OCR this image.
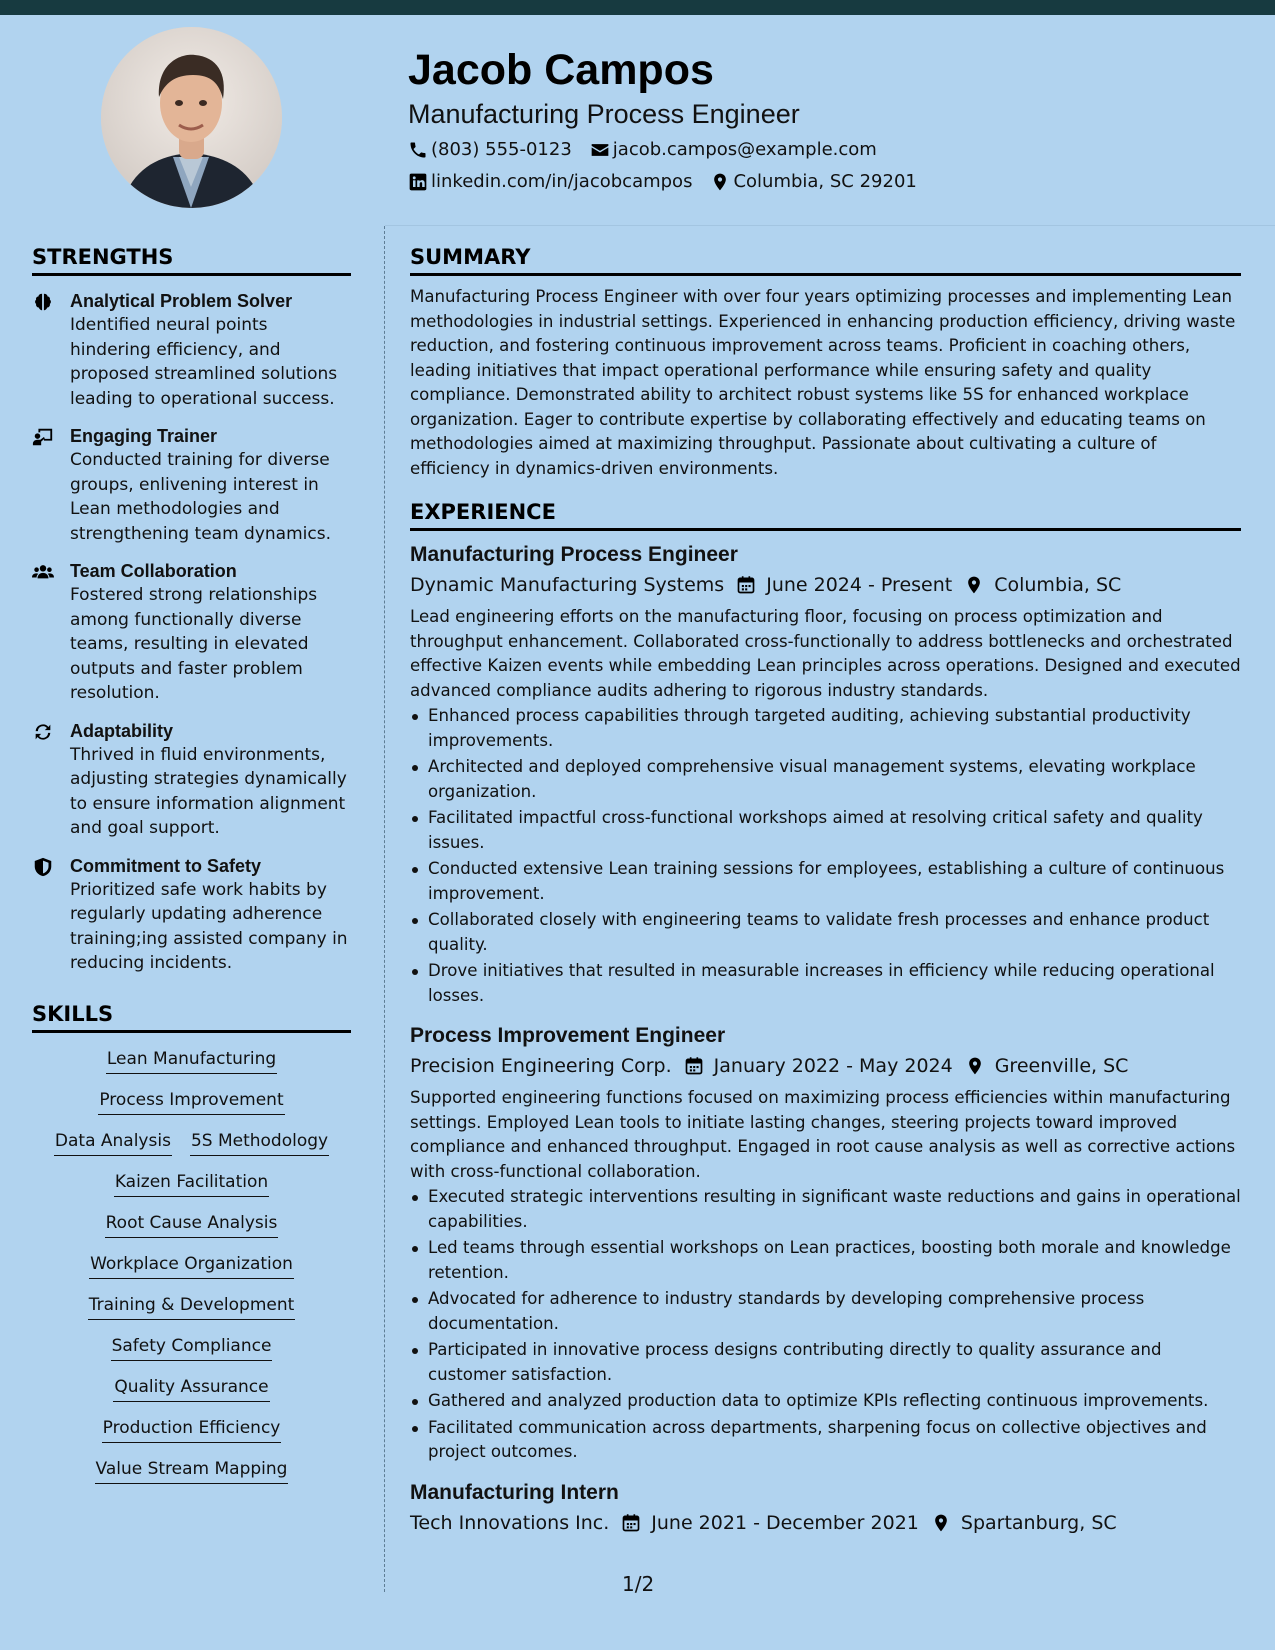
Jacob Campos
Manufacturing Process Engineer
(803) 555-0123 jacob.campos@example.com
linkedin.com/in/jacobcampos Columbia, SC 29201
STRENGTHS
Analytical Problem Solver
Identified neural points hindering efficiency, and proposed streamlined solutions leading to operational success.
Engaging Trainer
Conducted training for diverse groups, enlivening interest in Lean methodologies and strengthening team dynamics.
Team Collaboration
Fostered strong relationships among functionally diverse teams, resulting in elevated outputs and faster problem resolution.
Adaptability
Thrived in fluid environments, adjusting strategies dynamically to ensure information alignment and goal support.
Commitment to Safety
Prioritized safe work habits by regularly updating adherence training;ing assisted company in reducing incidents.
SKILLS
Lean Manufacturing
Process Improvement
Data Analysis 5S Methodology
Kaizen Facilitation
Root Cause Analysis
Workplace Organization
Training & Development
Safety Compliance
Quality Assurance
Production Efficiency
Value Stream Mapping
SUMMARY
Manufacturing Process Engineer with over four years optimizing processes and implementing Lean methodologies in industrial settings. Experienced in enhancing production efficiency, driving waste reduction, and fostering continuous improvement across teams. Proficient in coaching others, leading initiatives that impact operational performance while ensuring safety and quality compliance. Demonstrated ability to architect robust systems like 5S for enhanced workplace organization. Eager to contribute expertise by collaborating effectively and educating teams on methodologies aimed at maximizing throughput. Passionate about cultivating a culture of efficiency in dynamics-driven environments.
EXPERIENCE
Manufacturing Process Engineer
Dynamic Manufacturing Systems June 2024 - Present Columbia, SC
Lead engineering efforts on the manufacturing floor, focusing on process optimization and throughput enhancement. Collaborated cross-functionally to address bottlenecks and orchestrated effective Kaizen events while embedding Lean principles across operations. Designed and executed advanced compliance audits adhering to rigorous industry standards.
Enhanced process capabilities through targeted auditing, achieving substantial productivity improvements.
Architected and deployed comprehensive visual management systems, elevating workplace organization.
Facilitated impactful cross-functional workshops aimed at resolving critical safety and quality issues.
Conducted extensive Lean training sessions for employees, establishing a culture of continuous improvement.
Collaborated closely with engineering teams to validate fresh processes and enhance product quality.
Drove initiatives that resulted in measurable increases in efficiency while reducing operational losses.
Process Improvement Engineer
Precision Engineering Corp. January 2022 - May 2024 Greenville, SC
Supported engineering functions focused on maximizing process efficiencies within manufacturing settings. Employed Lean tools to initiate lasting changes, steering projects toward improved compliance and enhanced throughput. Engaged in root cause analysis as well as corrective actions with cross-functional collaboration.
Executed strategic interventions resulting in significant waste reductions and gains in operational capabilities.
Led teams through essential workshops on Lean practices, boosting both morale and knowledge retention.
Advocated for adherence to industry standards by developing comprehensive process documentation.
Participated in innovative process designs contributing directly to quality assurance and customer satisfaction.
Gathered and analyzed production data to optimize KPIs reflecting continuous improvements.
Facilitated communication across departments, sharpening focus on collective objectives and project outcomes.
Manufacturing Intern
Tech Innovations Inc. June 2021 - December 2021 Spartanburg, SC
1/2
